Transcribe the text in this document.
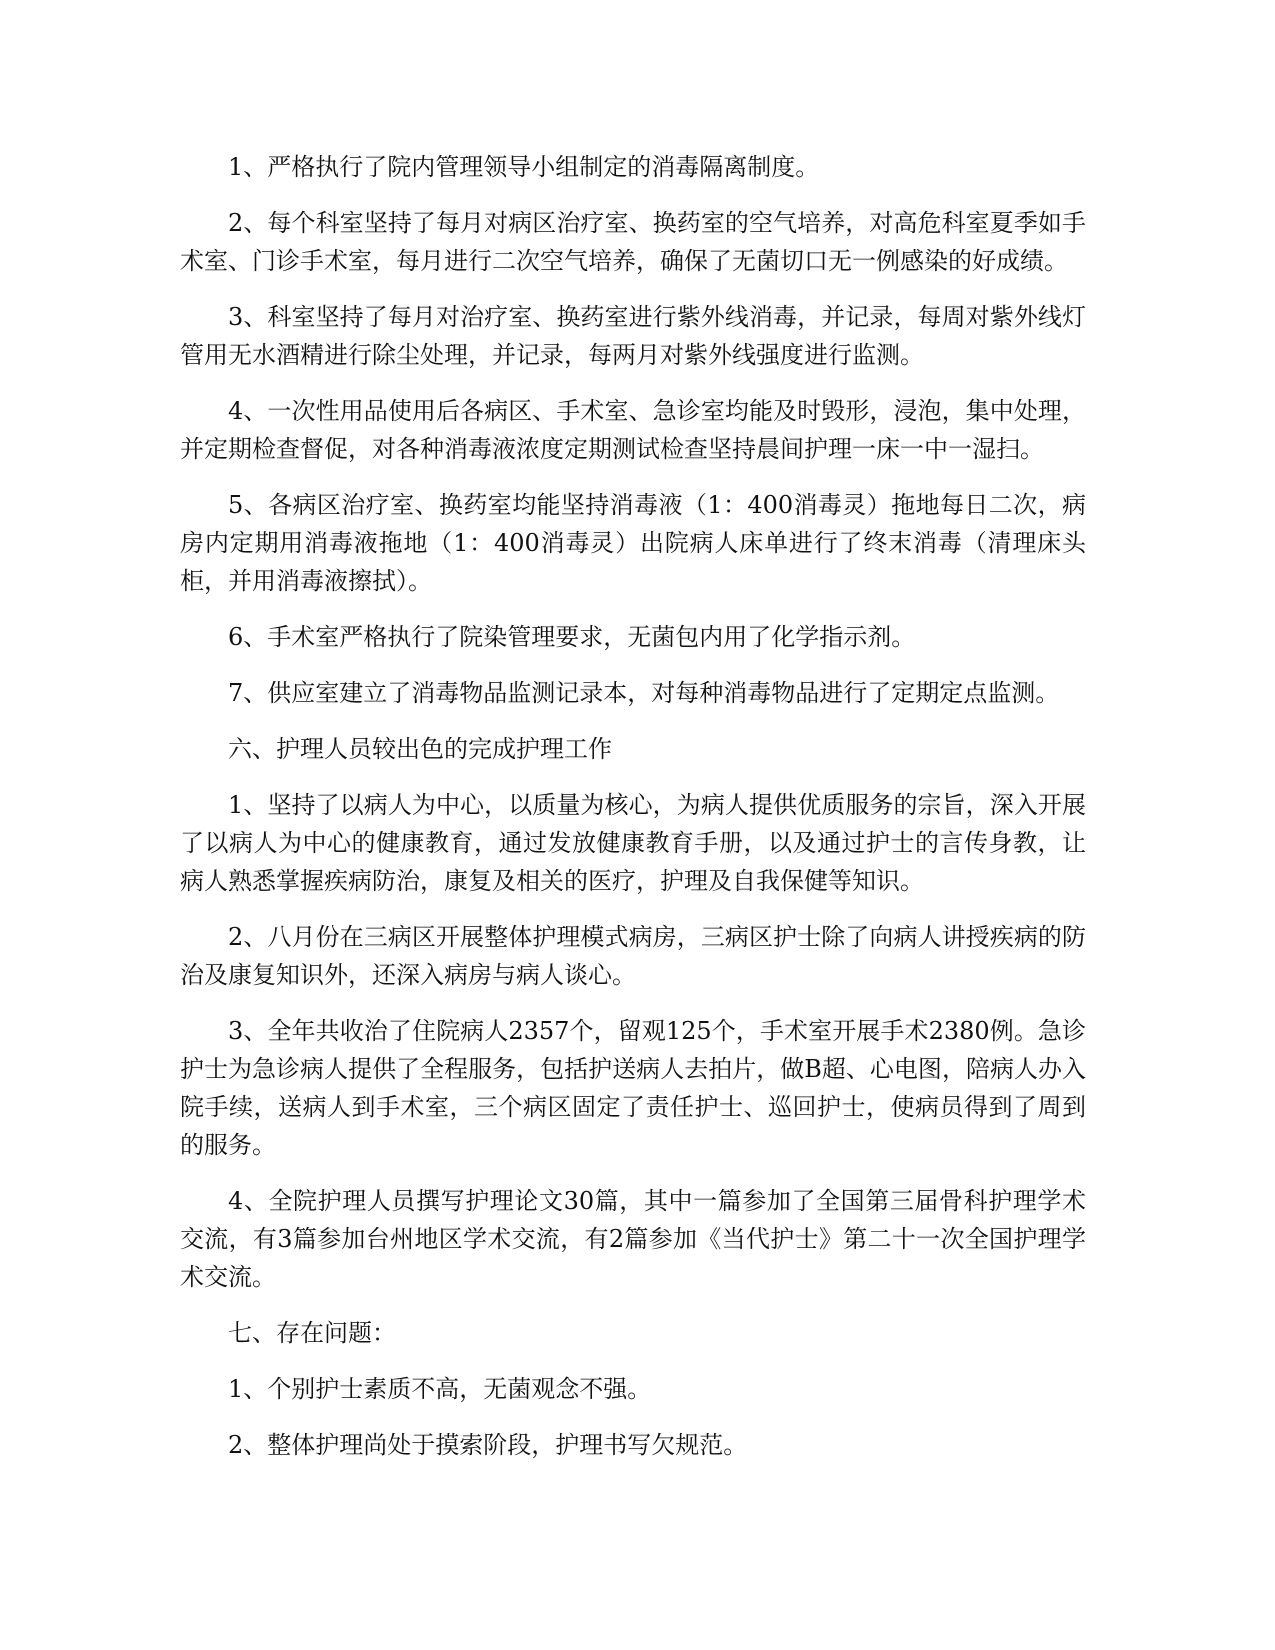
1、严格执行了院内管理领导小组制定的消毒隔离制度。

2、每个科室坚持了每月对病区治疗室、换药室的空气培养，对高危科室夏季如手术室、门诊手术室，每月进行二次空气培养，确保了无菌切口无一例感染的好成绩。

3、科室坚持了每月对治疗室、换药室进行紫外线消毒，并记录，每周对紫外线灯管用无水酒精进行除尘处理，并记录，每两月对紫外线强度进行监测。

4、一次性用品使用后各病区、手术室、急诊室均能及时毁形，浸泡，集中处理，并定期检查督促，对各种消毒液浓度定期测试检查坚持晨间护理一床一中一湿扫。

5、各病区治疗室、换药室均能坚持消毒液（1：400消毒灵）拖地每日二次，病房内定期用消毒液拖地（1：400消毒灵）出院病人床单进行了终末消毒（清理床头柜，并用消毒液擦拭）。

6、手术室严格执行了院染管理要求，无菌包内用了化学指示剂。

7、供应室建立了消毒物品监测记录本，对每种消毒物品进行了定期定点监测。

六、护理人员较出色的完成护理工作

1、坚持了以病人为中心，以质量为核心，为病人提供优质服务的宗旨，深入开展了以病人为中心的健康教育，通过发放健康教育手册，以及通过护士的言传身教，让病人熟悉掌握疾病防治，康复及相关的医疗，护理及自我保健等知识。

2、八月份在三病区开展整体护理模式病房，三病区护士除了向病人讲授疾病的防治及康复知识外，还深入病房与病人谈心。

3、全年共收治了住院病人2357个，留观125个，手术室开展手术2380例。急诊护士为急诊病人提供了全程服务，包括护送病人去拍片，做B超、心电图，陪病人办入院手续，送病人到手术室，三个病区固定了责任护士、巡回护士，使病员得到了周到的服务。

4、全院护理人员撰写护理论文30篇，其中一篇参加了全国第三届骨科护理学术交流，有3篇参加台州地区学术交流，有2篇参加《当代护士》第二十一次全国护理学术交流。

七、存在问题：

1、个别护士素质不高，无菌观念不强。

2、整体护理尚处于摸索阶段，护理书写欠规范。
